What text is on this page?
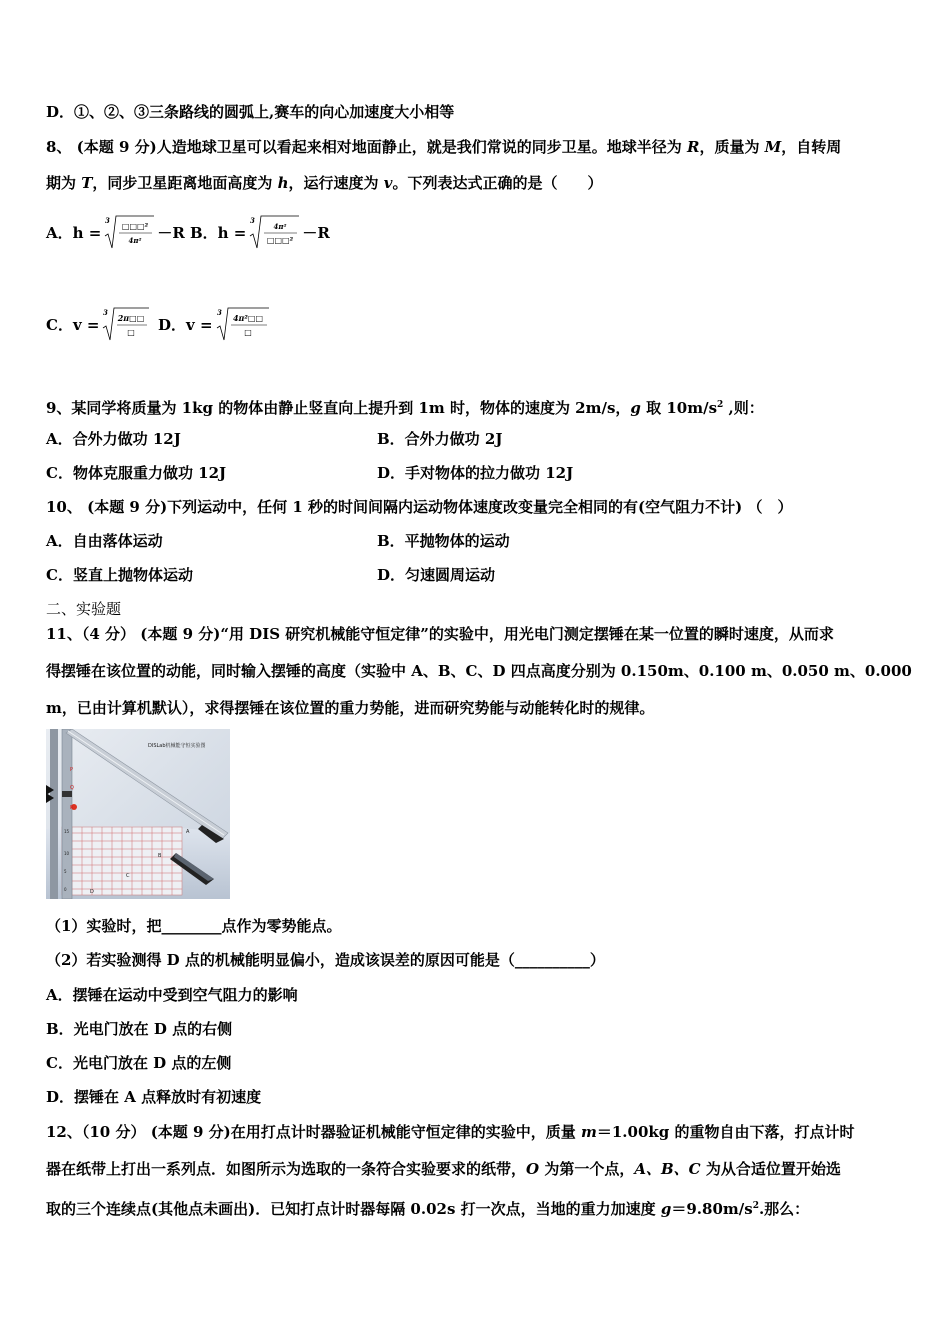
D．①、②、③三条路线的圆弧上,赛车的向心加速度大小相等
8、 (本题 9 分)人造地球卫星可以看起来相对地面静止，就是我们常说的同步卫星。地球半径为 R，质量为 M，自转周
期为 T，同步卫星距离地面高度为 h，运行速度为 v。下列表达式正确的是（　　）
A．h =
3
□□□²
4π² －R B．h =
3
4π²
□□□² －R
C．v =
3
2π□□
□ D．v =
3
4π²□□
□
9、某同学将质量为 1kg 的物体由静止竖直向上提升到 1m 时，物体的速度为 2m/s，g 取 $10m/s^2$ ,则：
A．合外力做功 12J	B．合外力做功 2J
C．物体克服重力做功 12J	D．手对物体的拉力做功 12J
10、 (本题 9 分)下列运动中，任何 1 秒的时间间隔内运动物体速度改变量完全相同的有(空气阻力不计) （　）
A．自由落体运动	B．平抛物体的运动
C．竖直上抛物体运动	D．匀速圆周运动
二、实验题
11、（4 分） (本题 9 分)“用 DIS 研究机械能守恒定律”的实验中，用光电门测定摆锤在某一位置的瞬时速度，从而求
得摆锤在该位置的动能，同时输入摆锤的高度（实验中 A、B、C、D 四点高度分别为 0.150m、0.100 m、0.050 m、0.000
m，已由计算机默认），求得摆锤在该位置的重力势能，进而研究势能与动能转化时的规律。
DISLab机械能守恒实验图
P
Q
R
A
B
C
D
15
10
5
0
（1）实验时，把________点作为零势能点。
（2）若实验测得 D 点的机械能明显偏小，造成该误差的原因可能是（__________）
A．摆锤在运动中受到空气阻力的影响
B．光电门放在 D 点的右侧
C．光电门放在 D 点的左侧
D．摆锤在 A 点释放时有初速度
12、（10 分） (本题 9 分)在用打点计时器验证机械能守恒定律的实验中，质量 m＝1.00kg 的重物自由下落，打点计时
器在纸带上打出一系列点．如图所示为选取的一条符合实验要求的纸带，O 为第一个点，A、B、C 为从合适位置开始选
取的三个连续点(其他点未画出)．已知打点计时器每隔 0.02s 打一次点，当地的重力加速度 $g=9.80m/s^2$.那么：
